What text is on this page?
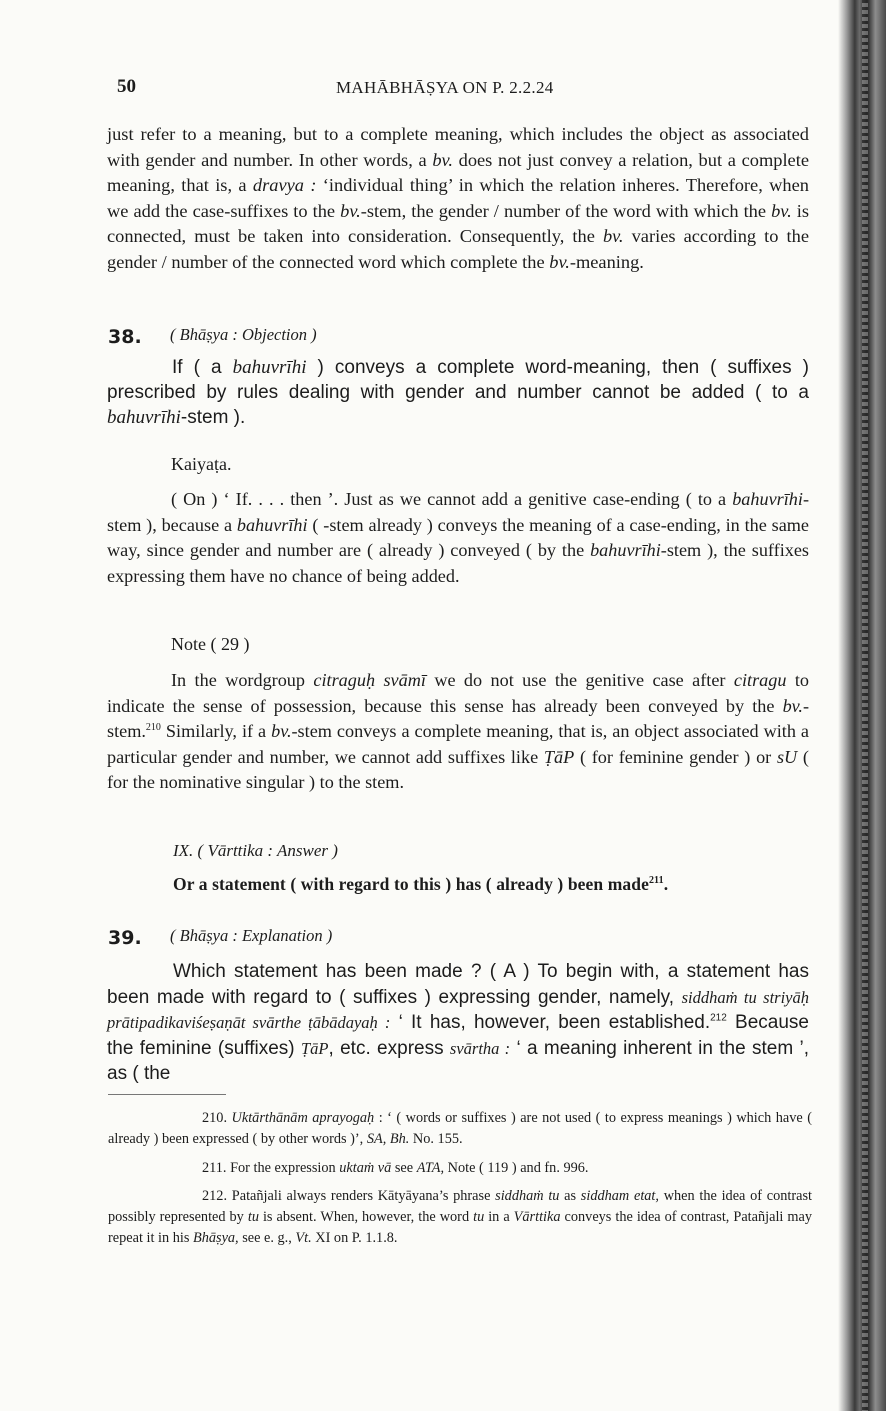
50	MAHĀBHĀṢYA ON P. 2.2.24
just refer to a meaning, but to a complete meaning, which includes the object as associated with gender and number. In other words, a bv. does not just convey a relation, but a complete meaning, that is, a dravya : ‘individual thing’ in which the relation inheres. Therefore, when we add the case-suffixes to the bv.-stem, the gender / number of the word with which the bv. is connected, must be taken into consideration. Consequently, the bv. varies according to the gender / number of the connected word which complete the bv.-meaning.
38. ( Bhāṣya : Objection )
If ( a bahuvrīhi ) conveys a complete word-meaning, then ( suffixes ) prescribed by rules dealing with gender and number cannot be added ( to a bahuvrīhi-stem ).
Kaiyaṭa.
( On ) ‘ If. . . . then ’. Just as we cannot add a genitive case-ending ( to a bahuvrīhi-stem ), because a bahuvrīhi ( -stem already ) conveys the meaning of a case-ending, in the same way, since gender and number are ( already ) conveyed ( by the bahuvrīhi-stem ), the suffixes expressing them have no chance of being added.
Note ( 29 )
In the wordgroup citraguḥ svāmī we do not use the genitive case after citragu to indicate the sense of possession, because this sense has already been conveyed by the bv.-stem.$^{210}$ Similarly, if a bv.-stem conveys a complete meaning, that is, an object associated with a particular gender and number, we cannot add suffixes like ṬāP ( for feminine gender ) or sU ( for the nominative singular ) to the stem.
IX. ( Vārttika : Answer )
Or a statement ( with regard to this ) has ( already ) been made$^{211}$.
39. ( Bhāṣya : Explanation )
Which statement has been made ? ( A ) To begin with, a statement has been made with regard to ( suffixes ) expressing gender, namely, siddhaṁ tu striyāḥ prātipadikaviśeṣaṇāt svārthe ṭābādayaḥ : ‘ It has, however, been established.$^{212}$ Because the feminine (suffixes) ṬāP, etc. express svārtha : ‘ a meaning inherent in the stem ’, as ( the
210. Uktārthānām aprayogaḥ : ‘ ( words or suffixes ) are not used ( to express meanings ) which have ( already ) been expressed ( by other words )’, SA, Bh. No. 155.
211. For the expression uktaṁ vā see ATA, Note ( 119 ) and fn. 996.
212. Patañjali always renders Kātyāyana’s phrase siddhaṁ tu as siddham etat, when the idea of contrast possibly represented by tu is absent. When, however, the word tu in a Vārttika conveys the idea of contrast, Patañjali may repeat it in his Bhāṣya, see e. g., Vt. XI on P. 1.1.8.
